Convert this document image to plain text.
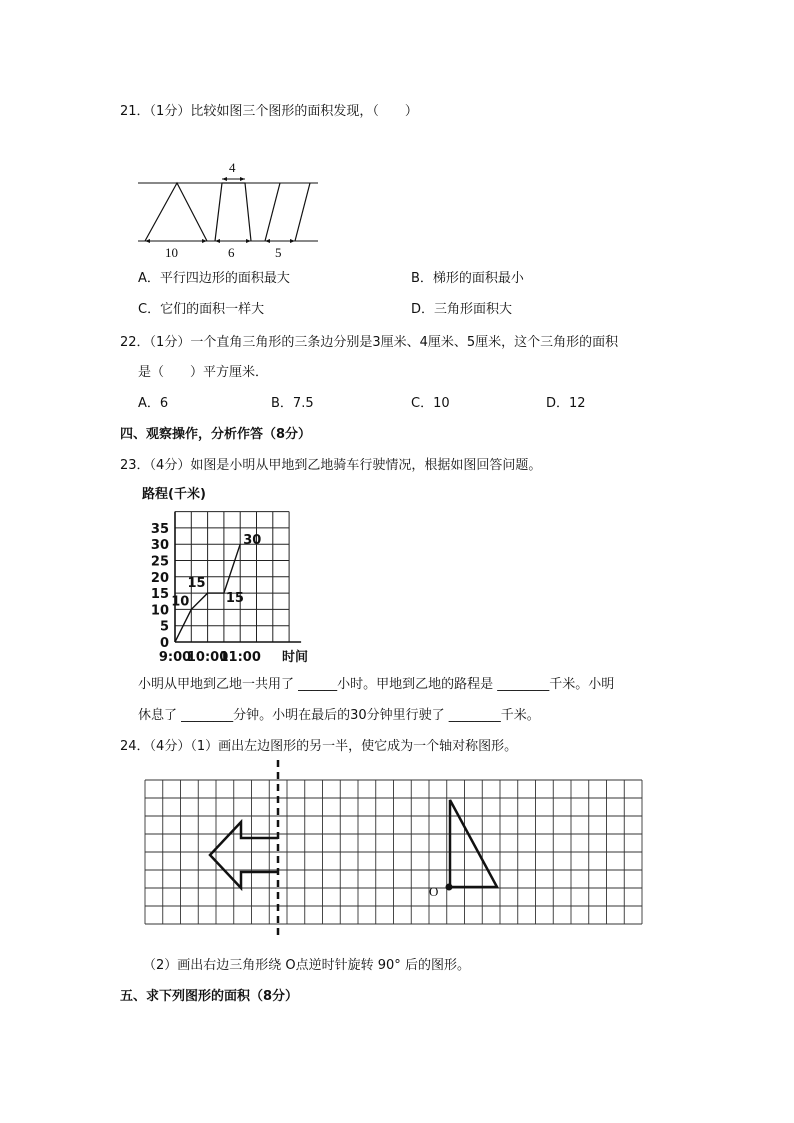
21．（1分）比较如图三个图形的面积发现，（　　）
4
10	6	5
A．平行四边形的面积最大	B．梯形的面积最小
C．它们的面积一样大	D．三角形面积大
22．（1分）一个直角三角形的三条边分别是3厘米、4厘米、5厘米，这个三角形的面积
是（　　）平方厘米．
A．6	B．7.5	C．10	D．12
四、观察操作，分析作答（8分）
23．（4分）如图是小明从甲地到乙地骑车行驶情况，根据如图回答问题。
路程(千米)
0
5
10
15
20
25
30
35
9:00
10:00
11:00
10
15
15
30
时间
小明从甲地到乙地一共用了 ______小时。甲地到乙地的路程是 ________千米。小明
休息了 ________分钟。小明在最后的30分钟里行驶了 ________千米。
24．（4分）（1）画出左边图形的另一半，使它成为一个轴对称图形。
O
（2）画出右边三角形绕 O点逆时针旋转 90° 后的图形。
五、求下列图形的面积（8分）
